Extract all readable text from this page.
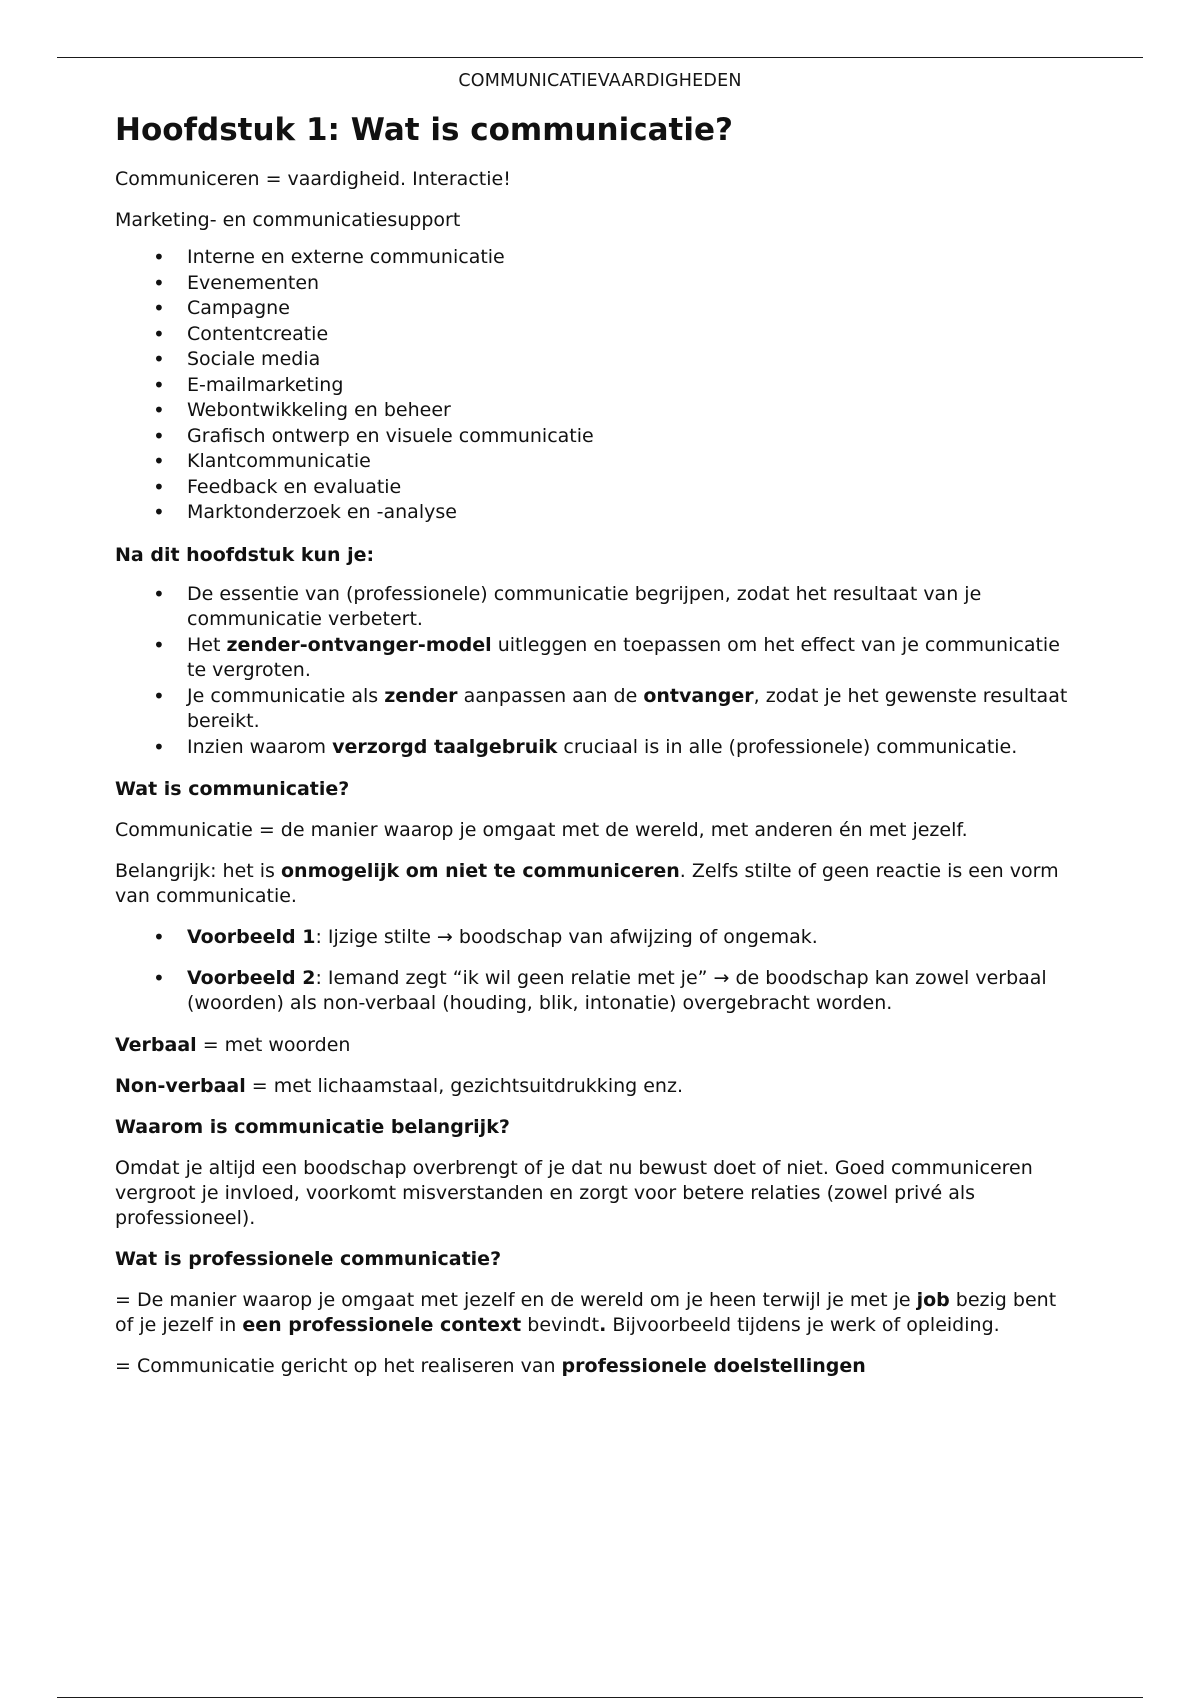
COMMUNICATIEVAARDIGHEDEN
Hoofdstuk 1: Wat is communicatie?

Communiceren = vaardigheid. Interactie!

Marketing- en communicatiesupport

• Interne en externe communicatie
• Evenementen
• Campagne
• Contentcreatie
• Sociale media
• E-mailmarketing
• Webontwikkeling en beheer
• Grafisch ontwerp en visuele communicatie
• Klantcommunicatie
• Feedback en evaluatie
• Marktonderzoek en -analyse

Na dit hoofdstuk kun je:

• De essentie van (professionele) communicatie begrijpen, zodat het resultaat van je communicatie verbetert.
• Het zender-ontvanger-model uitleggen en toepassen om het effect van je communicatie te vergroten.
• Je communicatie als zender aanpassen aan de ontvanger, zodat je het gewenste resultaat bereikt.
• Inzien waarom verzorgd taalgebruik cruciaal is in alle (professionele) communicatie.

Wat is communicatie?

Communicatie = de manier waarop je omgaat met de wereld, met anderen én met jezelf.

Belangrijk: het is onmogelijk om niet te communiceren. Zelfs stilte of geen reactie is een vorm van communicatie.

• Voorbeeld 1: Ijzige stilte → boodschap van afwijzing of ongemak.
• Voorbeeld 2: Iemand zegt “ik wil geen relatie met je” → de boodschap kan zowel verbaal (woorden) als non-verbaal (houding, blik, intonatie) overgebracht worden.

Verbaal = met woorden

Non-verbaal = met lichaamstaal, gezichtsuitdrukking enz.

Waarom is communicatie belangrijk?

Omdat je altijd een boodschap overbrengt of je dat nu bewust doet of niet. Goed communiceren vergroot je invloed, voorkomt misverstanden en zorgt voor betere relaties (zowel privé als professioneel).

Wat is professionele communicatie?

= De manier waarop je omgaat met jezelf en de wereld om je heen terwijl je met je job bezig bent of je jezelf in een professionele context bevindt. Bijvoorbeeld tijdens je werk of opleiding.

= Communicatie gericht op het realiseren van professionele doelstellingen
